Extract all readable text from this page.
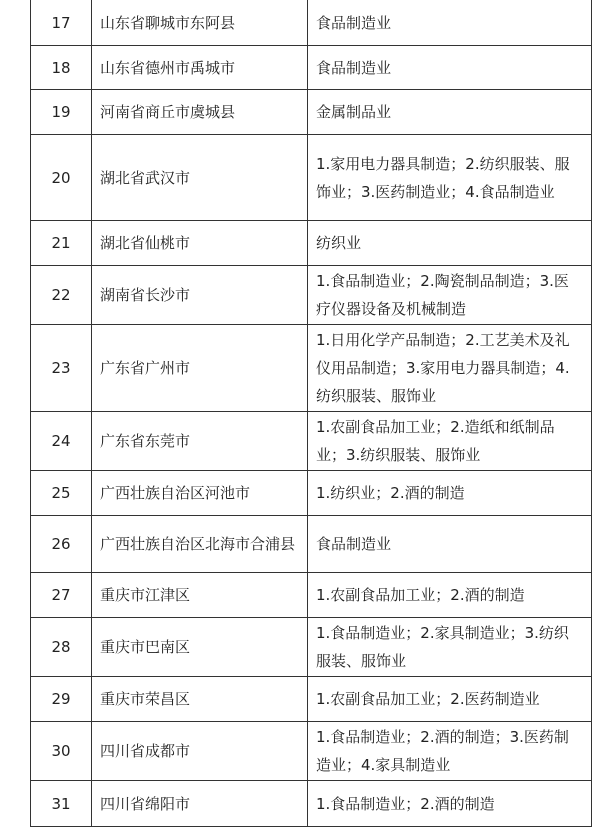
17	山东省聊城市东阿县	食品制造业
18	山东省德州市禹城市	食品制造业
19	河南省商丘市虞城县	金属制品业
20	湖北省武汉市	1.家用电力器具制造；2.纺织服装、服饰业；3.医药制造业；4.食品制造业
21	湖北省仙桃市	纺织业
22	湖南省长沙市	1.食品制造业；2.陶瓷制品制造；3.医疗仪器设备及机械制造
23	广东省广州市	1.日用化学产品制造；2.工艺美术及礼仪用品制造；3.家用电力器具制造；4.纺织服装、服饰业
24	广东省东莞市	1.农副食品加工业；2.造纸和纸制品业；3.纺织服装、服饰业
25	广西壮族自治区河池市	1.纺织业；2.酒的制造
26	广西壮族自治区北海市合浦县	食品制造业
27	重庆市江津区	1.农副食品加工业；2.酒的制造
28	重庆市巴南区	1.食品制造业；2.家具制造业；3.纺织服装、服饰业
29	重庆市荣昌区	1.农副食品加工业；2.医药制造业
30	四川省成都市	1.食品制造业；2.酒的制造；3.医药制造业；4.家具制造业
31	四川省绵阳市	1.食品制造业；2.酒的制造
